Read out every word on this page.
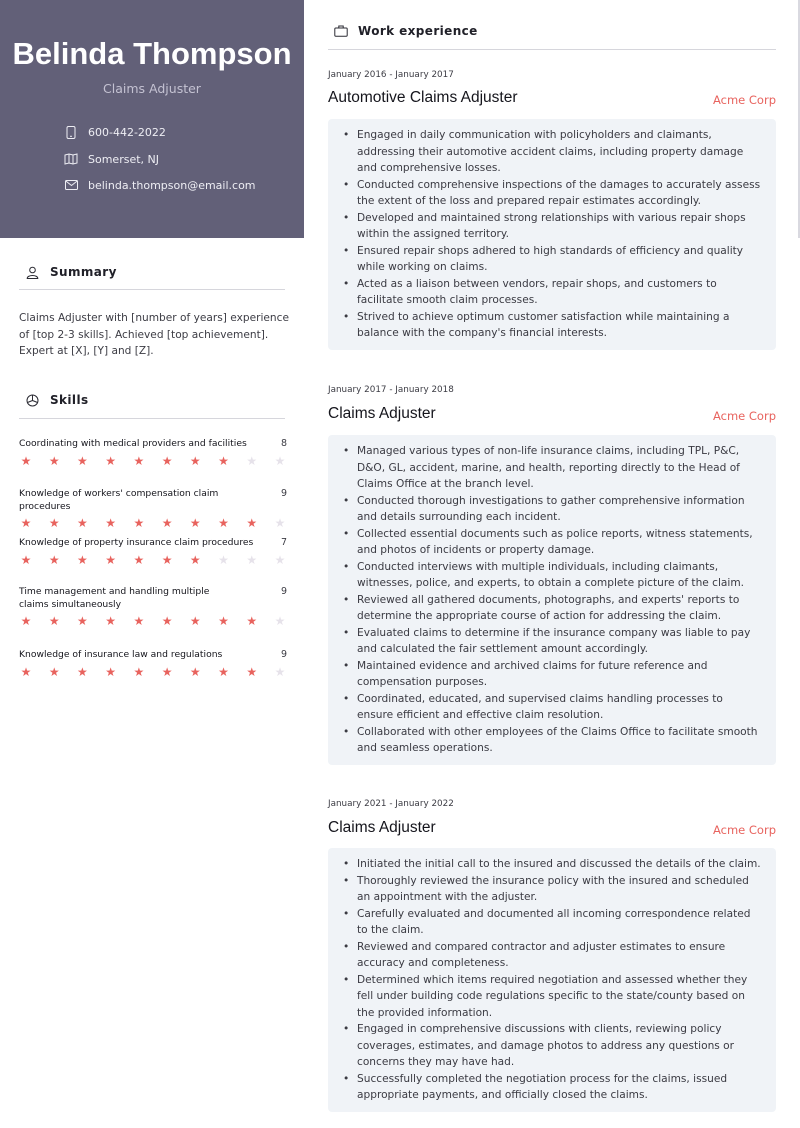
Belinda Thompson
Claims Adjuster
600-442-2022
Somerset, NJ
belinda.thompson@email.com
Summary
Claims Adjuster with [number of years] experience of [top 2-3 skills]. Achieved [top achievement]. Expert at [X], [Y] and [Z].
Skills
Coordinating with medical providers and facilities	8
★ ★ ★ ★ ★ ★ ★ ★ ★ ★
Knowledge of workers' compensation claim procedures
9
★ ★ ★ ★ ★ ★ ★ ★ ★ ★
Knowledge of property insurance claim procedures	7
★ ★ ★ ★ ★ ★ ★ ★ ★ ★
Time management and handling multiple claims simultaneously
9
★ ★ ★ ★ ★ ★ ★ ★ ★ ★
Knowledge of insurance law and regulations	9
★ ★ ★ ★ ★ ★ ★ ★ ★ ★
Work experience
January 2016 - January 2017
Automotive Claims Adjuster	Acme Corp
• Engaged in daily communication with policyholders and claimants, addressing their automotive accident claims, including property damage and comprehensive losses.
• Conducted comprehensive inspections of the damages to accurately assess the extent of the loss and prepared repair estimates accordingly.
• Developed and maintained strong relationships with various repair shops within the assigned territory.
• Ensured repair shops adhered to high standards of efficiency and quality while working on claims.
• Acted as a liaison between vendors, repair shops, and customers to facilitate smooth claim processes.
• Strived to achieve optimum customer satisfaction while maintaining a balance with the company's financial interests.
January 2017 - January 2018
Claims Adjuster	Acme Corp
• Managed various types of non-life insurance claims, including TPL, P&C, D&O, GL, accident, marine, and health, reporting directly to the Head of Claims Office at the branch level.
• Conducted thorough investigations to gather comprehensive information and details surrounding each incident.
• Collected essential documents such as police reports, witness statements, and photos of incidents or property damage.
• Conducted interviews with multiple individuals, including claimants, witnesses, police, and experts, to obtain a complete picture of the claim.
• Reviewed all gathered documents, photographs, and experts' reports to determine the appropriate course of action for addressing the claim.
• Evaluated claims to determine if the insurance company was liable to pay and calculated the fair settlement amount accordingly.
• Maintained evidence and archived claims for future reference and compensation purposes.
• Coordinated, educated, and supervised claims handling processes to ensure efficient and effective claim resolution.
• Collaborated with other employees of the Claims Office to facilitate smooth and seamless operations.
January 2021 - January 2022
Claims Adjuster	Acme Corp
• Initiated the initial call to the insured and discussed the details of the claim.
• Thoroughly reviewed the insurance policy with the insured and scheduled an appointment with the adjuster.
• Carefully evaluated and documented all incoming correspondence related to the claim.
• Reviewed and compared contractor and adjuster estimates to ensure accuracy and completeness.
• Determined which items required negotiation and assessed whether they fell under building code regulations specific to the state/county based on the provided information.
• Engaged in comprehensive discussions with clients, reviewing policy coverages, estimates, and damage photos to address any questions or concerns they may have had.
• Successfully completed the negotiation process for the claims, issued appropriate payments, and officially closed the claims.
